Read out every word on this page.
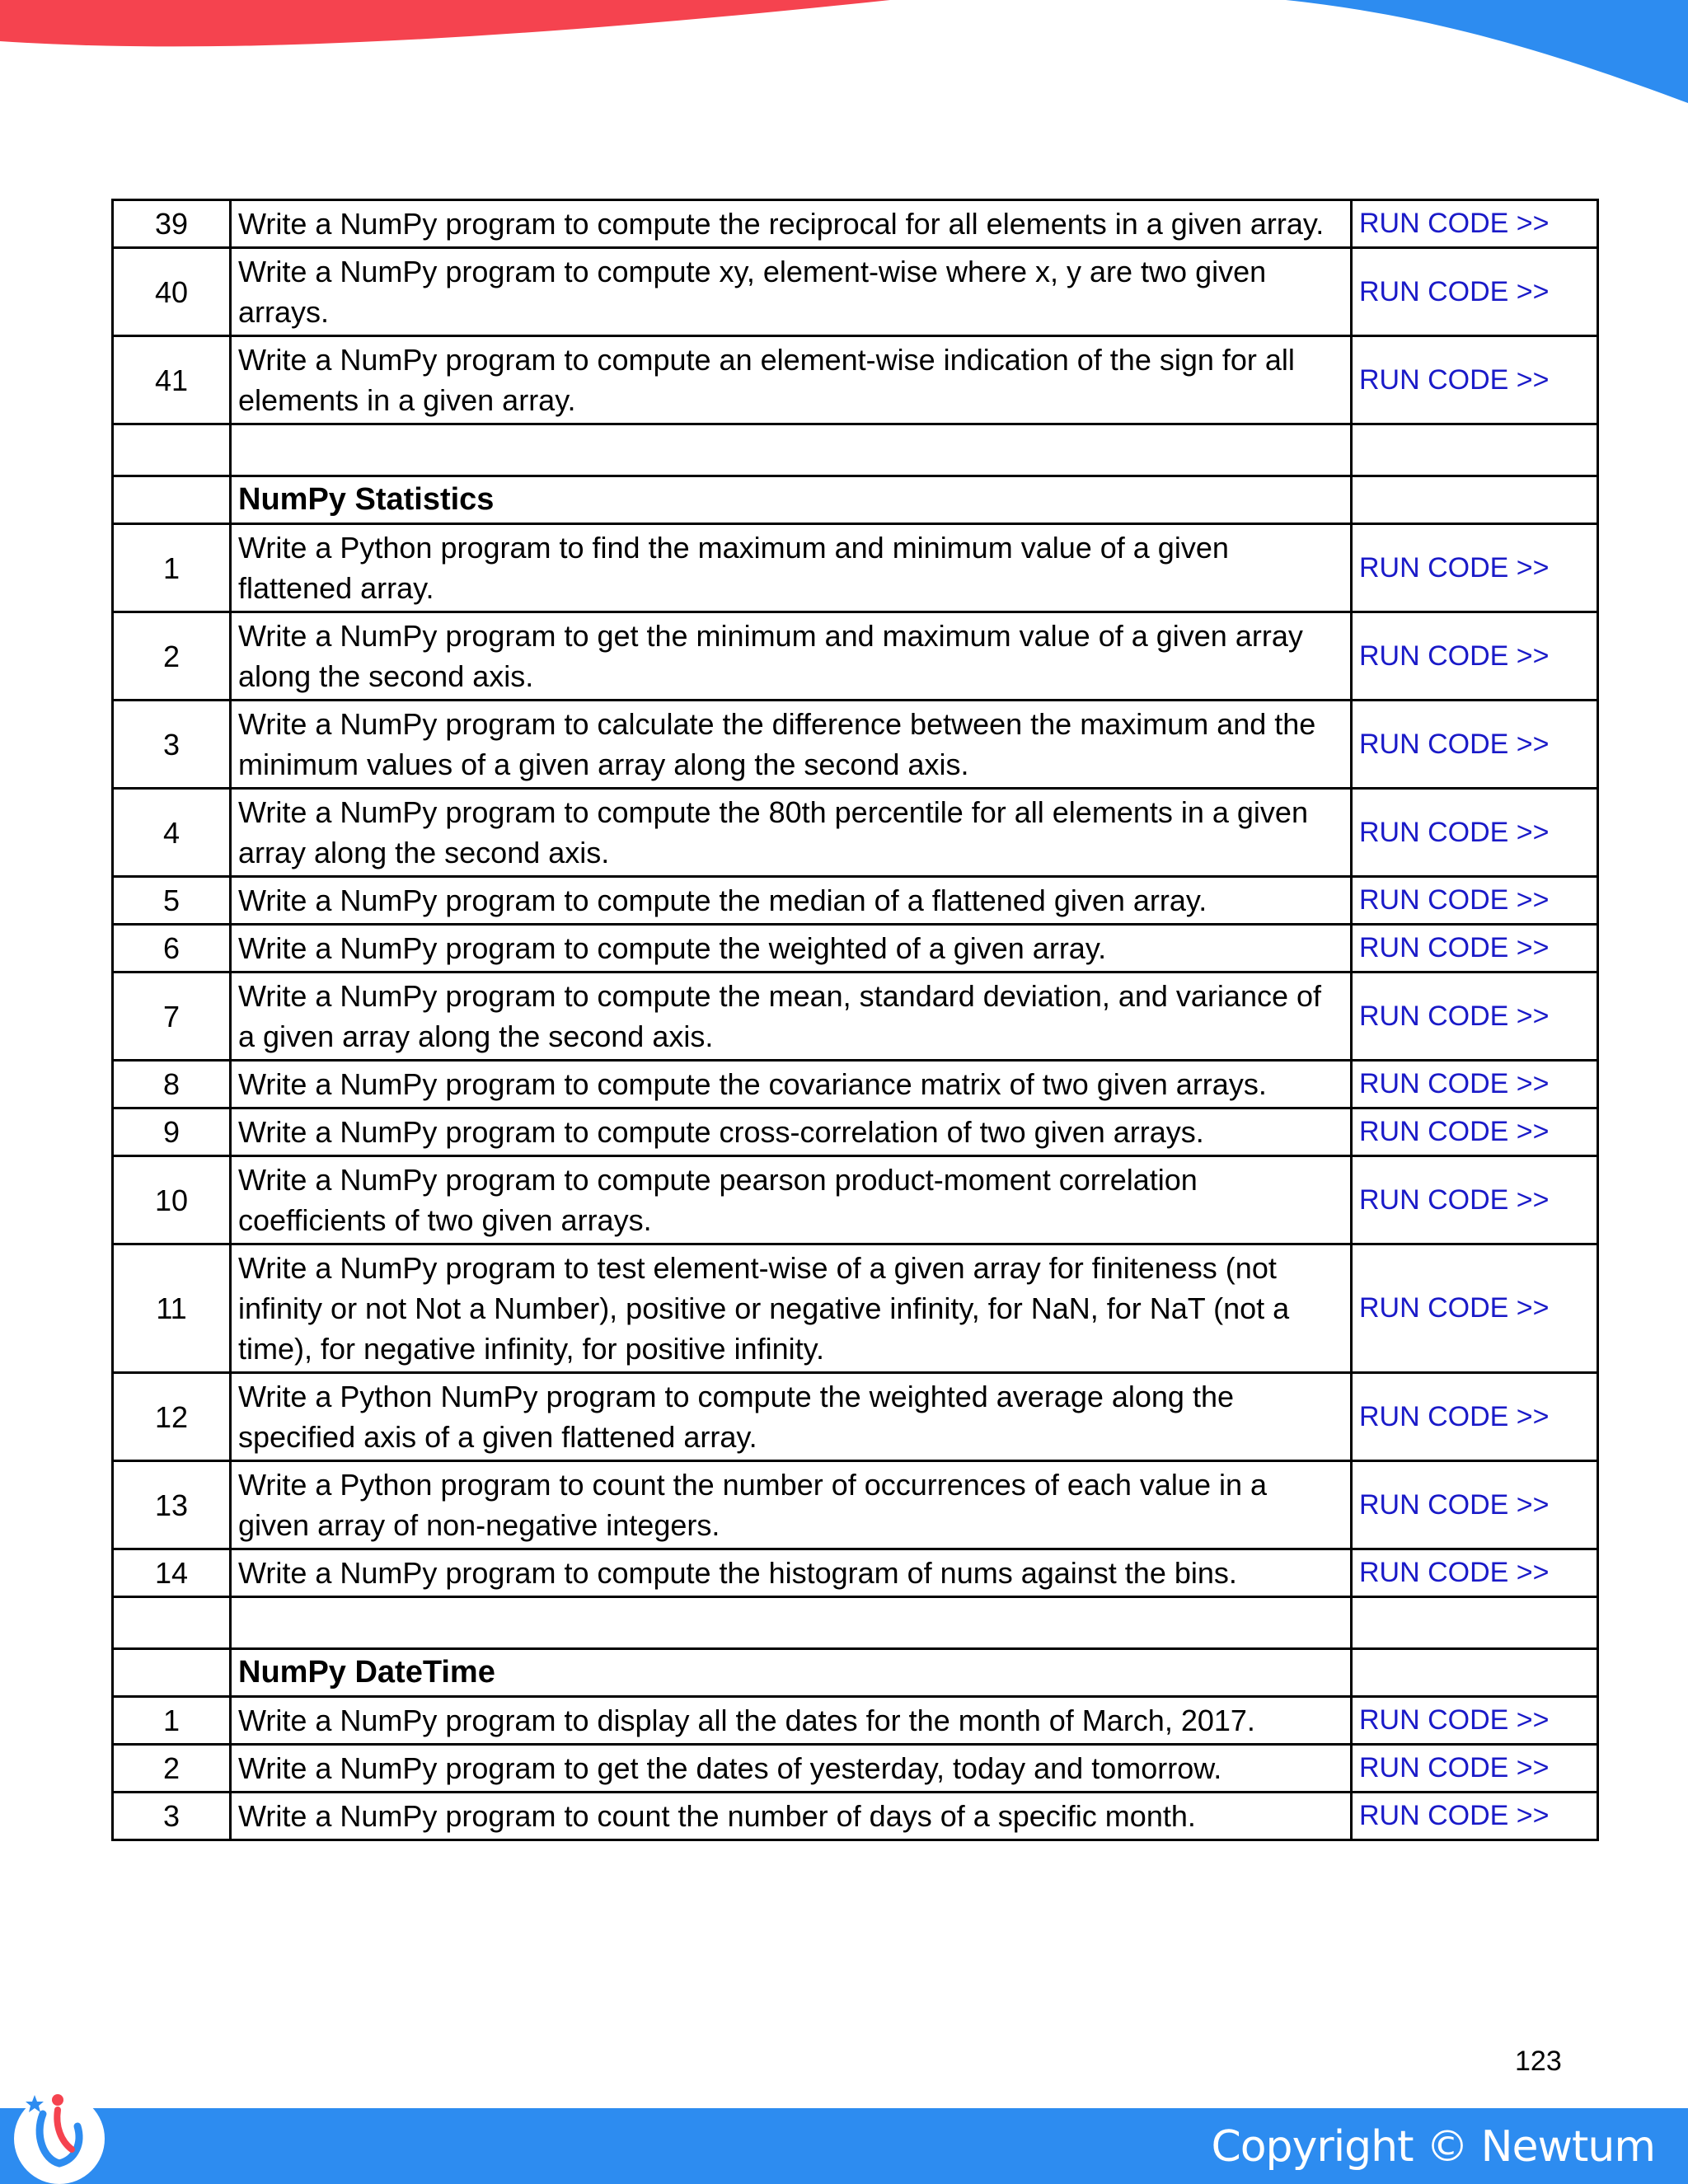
39	Write a NumPy program to compute the reciprocal for all elements in a given array.	RUN CODE >>
40	Write a NumPy program to compute xy, element-wise where x, y are two given arrays.	RUN CODE >>
41	Write a NumPy program to compute an element-wise indication of the sign for all elements in a given array.	RUN CODE >>

	NumPy Statistics	
1	Write a Python program to find the maximum and minimum value of a given flattened array.	RUN CODE >>
2	Write a NumPy program to get the minimum and maximum value of a given array along the second axis.	RUN CODE >>
3	Write a NumPy program to calculate the difference between the maximum and the minimum values of a given array along the second axis.	RUN CODE >>
4	Write a NumPy program to compute the 80th percentile for all elements in a given array along the second axis.	RUN CODE >>
5	Write a NumPy program to compute the median of a flattened given array.	RUN CODE >>
6	Write a NumPy program to compute the weighted of a given array.	RUN CODE >>
7	Write a NumPy program to compute the mean, standard deviation, and variance of a given array along the second axis.	RUN CODE >>
8	Write a NumPy program to compute the covariance matrix of two given arrays.	RUN CODE >>
9	Write a NumPy program to compute cross-correlation of two given arrays.	RUN CODE >>
10	Write a NumPy program to compute pearson product-moment correlation coefficients of two given arrays.	RUN CODE >>
11	Write a NumPy program to test element-wise of a given array for finiteness (not infinity or not Not a Number), positive or negative infinity, for NaN, for NaT (not a time), for negative infinity, for positive infinity.	RUN CODE >>
12	Write a Python NumPy program to compute the weighted average along the specified axis of a given flattened array.	RUN CODE >>
13	Write a Python program to count the number of occurrences of each value in a given array of non-negative integers.	RUN CODE >>
14	Write a NumPy program to compute the histogram of nums against the bins.	RUN CODE >>

	NumPy DateTime	
1	Write a NumPy program to display all the dates for the month of March, 2017.	RUN CODE >>
2	Write a NumPy program to get the dates of yesterday, today and tomorrow.	RUN CODE >>
3	Write a NumPy program to count the number of days of a specific month.	RUN CODE >>
123
Copyright © Newtum
